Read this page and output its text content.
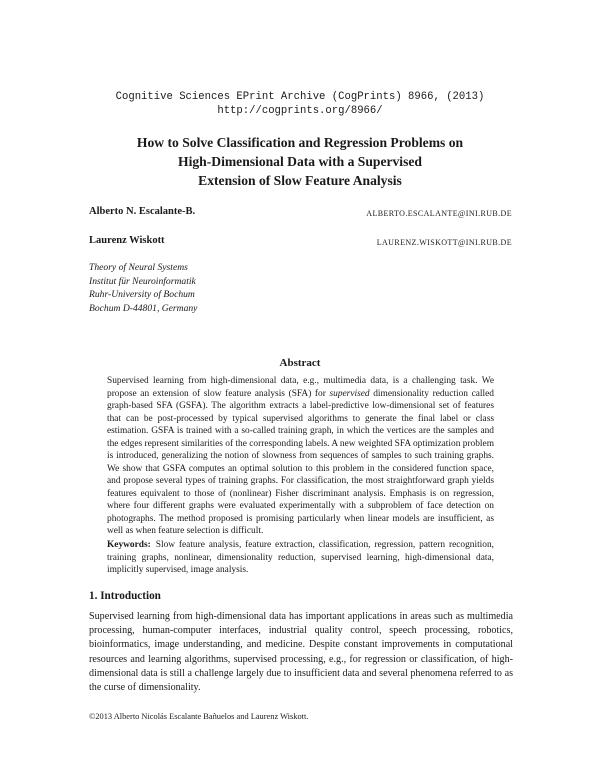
Cognitive Sciences EPrint Archive (CogPrints) 8966, (2013)
http://cogprints.org/8966/
How to Solve Classification and Regression Problems on
High-Dimensional Data with a Supervised
Extension of Slow Feature Analysis
Alberto N. Escalante-B.	ALBERTO.ESCALANTE@INI.RUB.DE
Laurenz Wiskott	LAURENZ.WISKOTT@INI.RUB.DE
Theory of Neural Systems
Institut für Neuroinformatik
Ruhr-University of Bochum
Bochum D-44801, Germany
Abstract
Supervised learning from high-dimensional data, e.g., multimedia data, is a challenging task. We propose an extension of slow feature analysis (SFA) for supervised dimensionality reduction called graph-based SFA (GSFA). The algorithm extracts a label-predictive low-dimensional set of features that can be post-processed by typical supervised algorithms to generate the final label or class estimation. GSFA is trained with a so-called training graph, in which the vertices are the samples and the edges represent similarities of the corresponding labels. A new weighted SFA optimization problem is introduced, generalizing the notion of slowness from sequences of samples to such training graphs. We show that GSFA computes an optimal solution to this problem in the considered function space, and propose several types of training graphs. For classification, the most straightforward graph yields features equivalent to those of (nonlinear) Fisher discriminant analysis. Emphasis is on regression, where four different graphs were evaluated experimentally with a subproblem of face detection on photographs. The method proposed is promising particularly when linear models are insufficient, as well as when feature selection is difficult.
Keywords: Slow feature analysis, feature extraction, classification, regression, pattern recognition, training graphs, nonlinear, dimensionality reduction, supervised learning, high-dimensional data, implicitly supervised, image analysis.
1. Introduction
Supervised learning from high-dimensional data has important applications in areas such as multimedia processing, human-computer interfaces, industrial quality control, speech processing, robotics, bioinformatics, image understanding, and medicine. Despite constant improvements in computational resources and learning algorithms, supervised processing, e.g., for regression or classification, of high-dimensional data is still a challenge largely due to insufficient data and several phenomena referred to as the curse of dimensionality.
©2013 Alberto Nicolás Escalante Bañuelos and Laurenz Wiskott.
